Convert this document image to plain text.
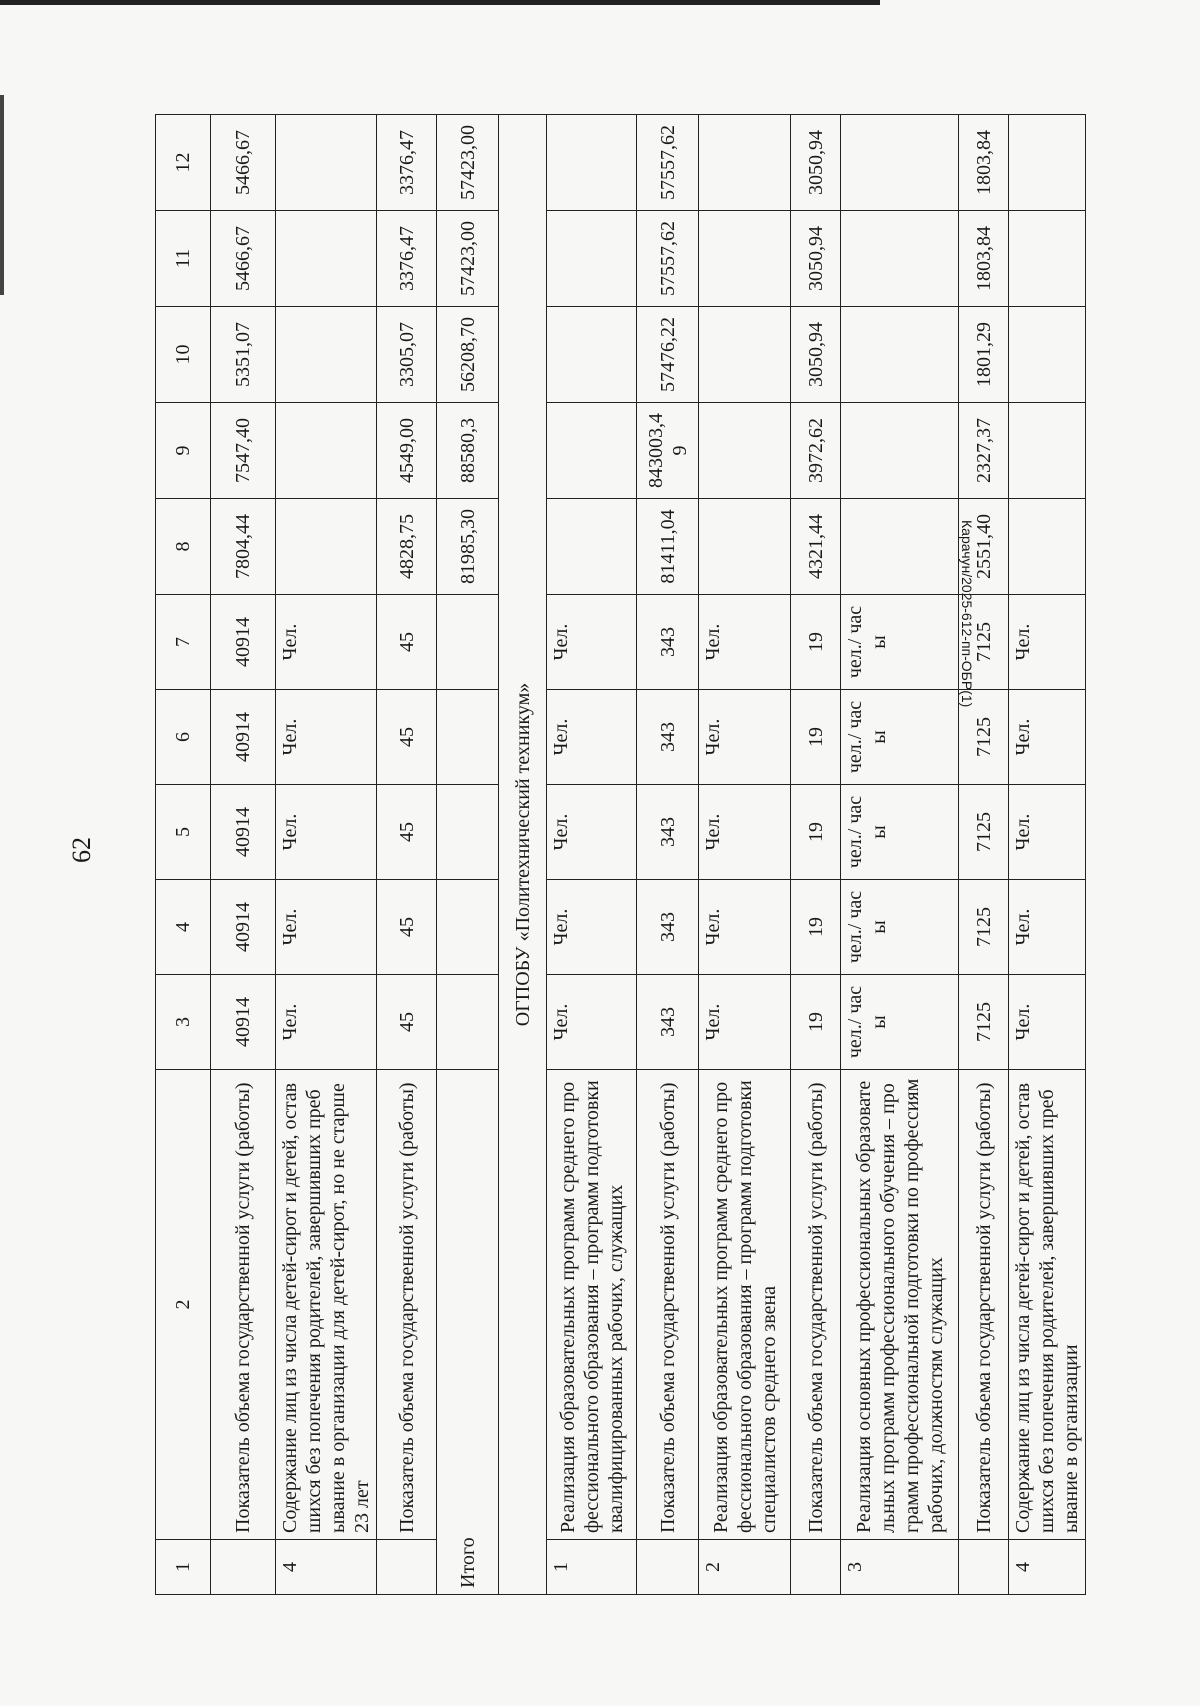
62
Карачун/2025-612-пп-ОБР(1)
1	2	3	4	5	6	7	8	9	10	11	12
	Показатель объема государственной услуги (работы)	40914	40914	40914	40914	40914	7804,44	7547,40	5351,07	5466,67	5466,67
4	Содержание лиц из числа детей-сирот и детей, оставшихся без попечения родителей, завершивших пребывание в организации для детей-сирот, но не старше 23 лет	Чел.	Чел.	Чел.	Чел.	Чел.					
	Показатель объема государственной услуги (работы)	45	45	45	45	45	4828,75	4549,00	3305,07	3376,47	3376,47
Итого							81985,30	88580,3	56208,70	57423,00	57423,00
ОГПОБУ «Политехнический техникум»											
1	Реализация образовательных программ среднего профессионального образования – программ подготовки квалифицированных рабочих, служащих	Чел.	Чел.	Чел.	Чел.	Чел.					
	Показатель объема государственной услуги (работы)	343	343	343	343	343	81411,04	843003,49	57476,22	57557,62	57557,62
2	Реализация образовательных программ среднего профессионального образования – программ подготовки специалистов среднего звена	Чел.	Чел.	Чел.	Чел.	Чел.					
	Показатель объема государственной услуги (работы)	19	19	19	19	19	4321,44	3972,62	3050,94	3050,94	3050,94
3	Реализация основных профессиональных образовательных программ профессионального обучения – программ профессиональной подготовки по профессиям рабочих, должностям служащих	чел./ часы	чел./ часы	чел./ часы	чел./ часы	чел./ часы					
	Показатель объема государственной услуги (работы)	7125	7125	7125	7125	7125	2551,40	2327,37	1801,29	1803,84	1803,84
4	Содержание лиц из числа детей-сирот и детей, оставшихся без попечения родителей, завершивших пребывание в организации	Чел.	Чел.	Чел.	Чел.	Чел.					
